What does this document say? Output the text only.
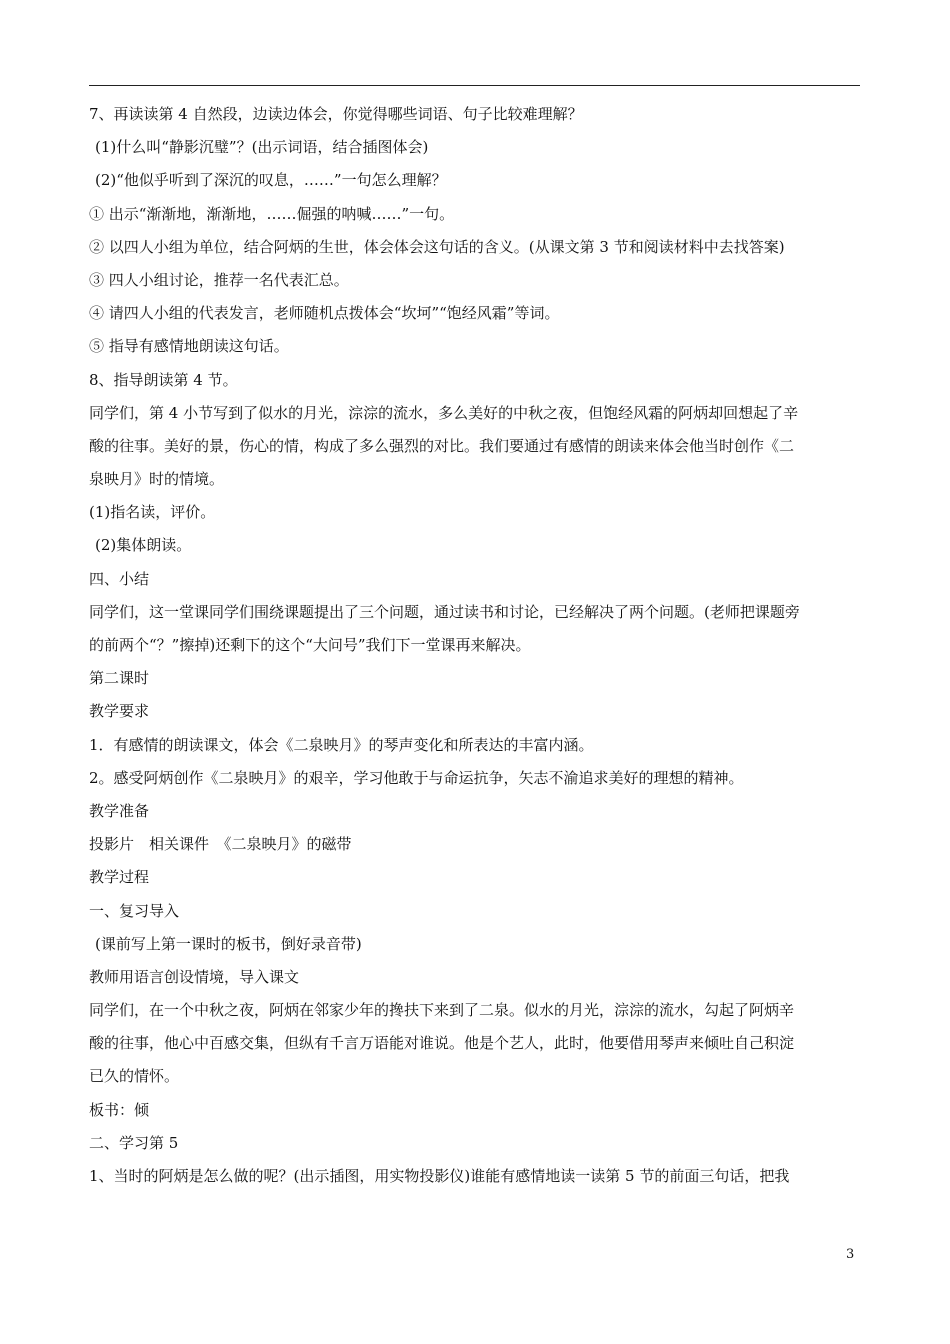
7、再读读第 4 自然段，边读边体会，你觉得哪些词语、句子比较难理解？
(1)什么叫“静影沉璧”？(出示词语，结合插图体会)
(2)“他似乎听到了深沉的叹息，……”一句怎么理解？
① 出示“渐渐地，渐渐地，……倔强的呐喊……”一句。
② 以四人小组为单位，结合阿炳的生世，体会体会这句话的含义。(从课文第 3 节和阅读材料中去找答案)
③ 四人小组讨论，推荐一名代表汇总。
④ 请四人小组的代表发言，老师随机点拨体会“坎坷”“饱经风霜”等词。
⑤ 指导有感情地朗读这句话。
8、指导朗读第 4 节。
同学们，第 4 小节写到了似水的月光，淙淙的流水，多么美好的中秋之夜，但饱经风霜的阿炳却回想起了辛
酸的往事。美好的景，伤心的情，构成了多么强烈的对比。我们要通过有感情的朗读来体会他当时创作《二
泉映月》时的情境。
(1)指名读，评价。
(2)集体朗读。
四、小结
同学们，这一堂课同学们围绕课题提出了三个问题，通过读书和讨论，已经解决了两个问题。(老师把课题旁
的前两个“？”擦掉)还剩下的这个“大问号”我们下一堂课再来解决。
第二课时
教学要求
1．有感情的朗读课文，体会《二泉映月》的琴声变化和所表达的丰富内涵。
2。感受阿炳创作《二泉映月》的艰辛，学习他敢于与命运抗争，矢志不渝追求美好的理想的精神。
教学准备
投影片　相关课件　《二泉映月》的磁带
教学过程
一、复习导入
(课前写上第一课时的板书，倒好录音带)
教师用语言创设情境，导入课文
同学们，在一个中秋之夜，阿炳在邻家少年的搀扶下来到了二泉。似水的月光，淙淙的流水，勾起了阿炳辛
酸的往事，他心中百感交集，但纵有千言万语能对谁说。他是个艺人，此时，他要借用琴声来倾吐自己积淀
已久的情怀。
板书：倾
二、学习第 5
1、当时的阿炳是怎么做的呢？(出示插图，用实物投影仪)谁能有感情地读一读第 5 节的前面三句话，把我
3
